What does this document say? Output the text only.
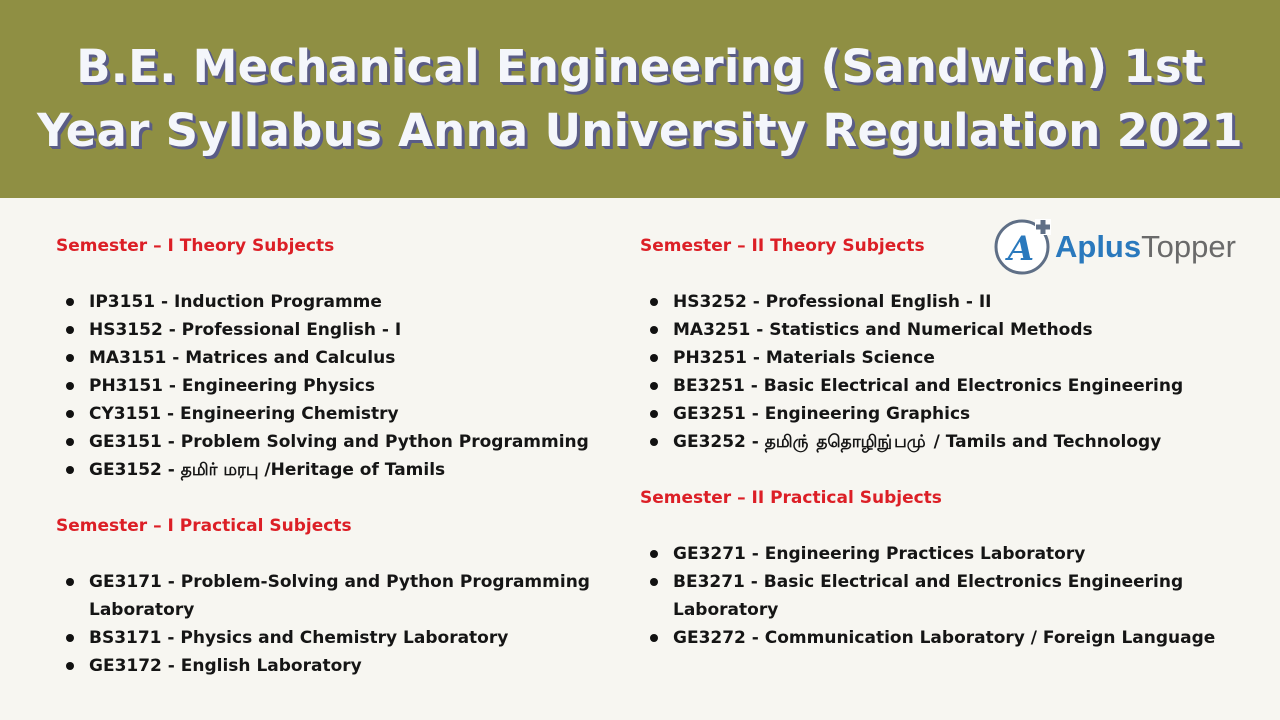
B.E. Mechanical Engineering (Sandwich) 1st
Year Syllabus Anna University Regulation 2021
A AplusTopper
Semester – I Theory Subjects
IP3151 - Induction Programme
HS3152 - Professional English - I
MA3151 - Matrices and Calculus
PH3151 - Engineering Physics
CY3151 - Engineering Chemistry
GE3151 - Problem Solving and Python Programming
GE3152 - தமிர் மரபு /Heritage of Tamils
Semester – I Practical Subjects
GE3171 - Problem-Solving and Python Programming Laboratory
BS3171 - Physics and Chemistry Laboratory
GE3172 - English Laboratory
Semester – II Theory Subjects
HS3252 - Professional English - II
MA3251 - Statistics and Numerical Methods
PH3251 - Materials Science
BE3251 - Basic Electrical and Electronics Engineering
GE3251 - Engineering Graphics
GE3252 - தமிரு் ததொழிநு்பமு் / Tamils and Technology
Semester – II Practical Subjects
GE3271 - Engineering Practices Laboratory
BE3271 - Basic Electrical and Electronics Engineering Laboratory
GE3272 - Communication Laboratory / Foreign Language
